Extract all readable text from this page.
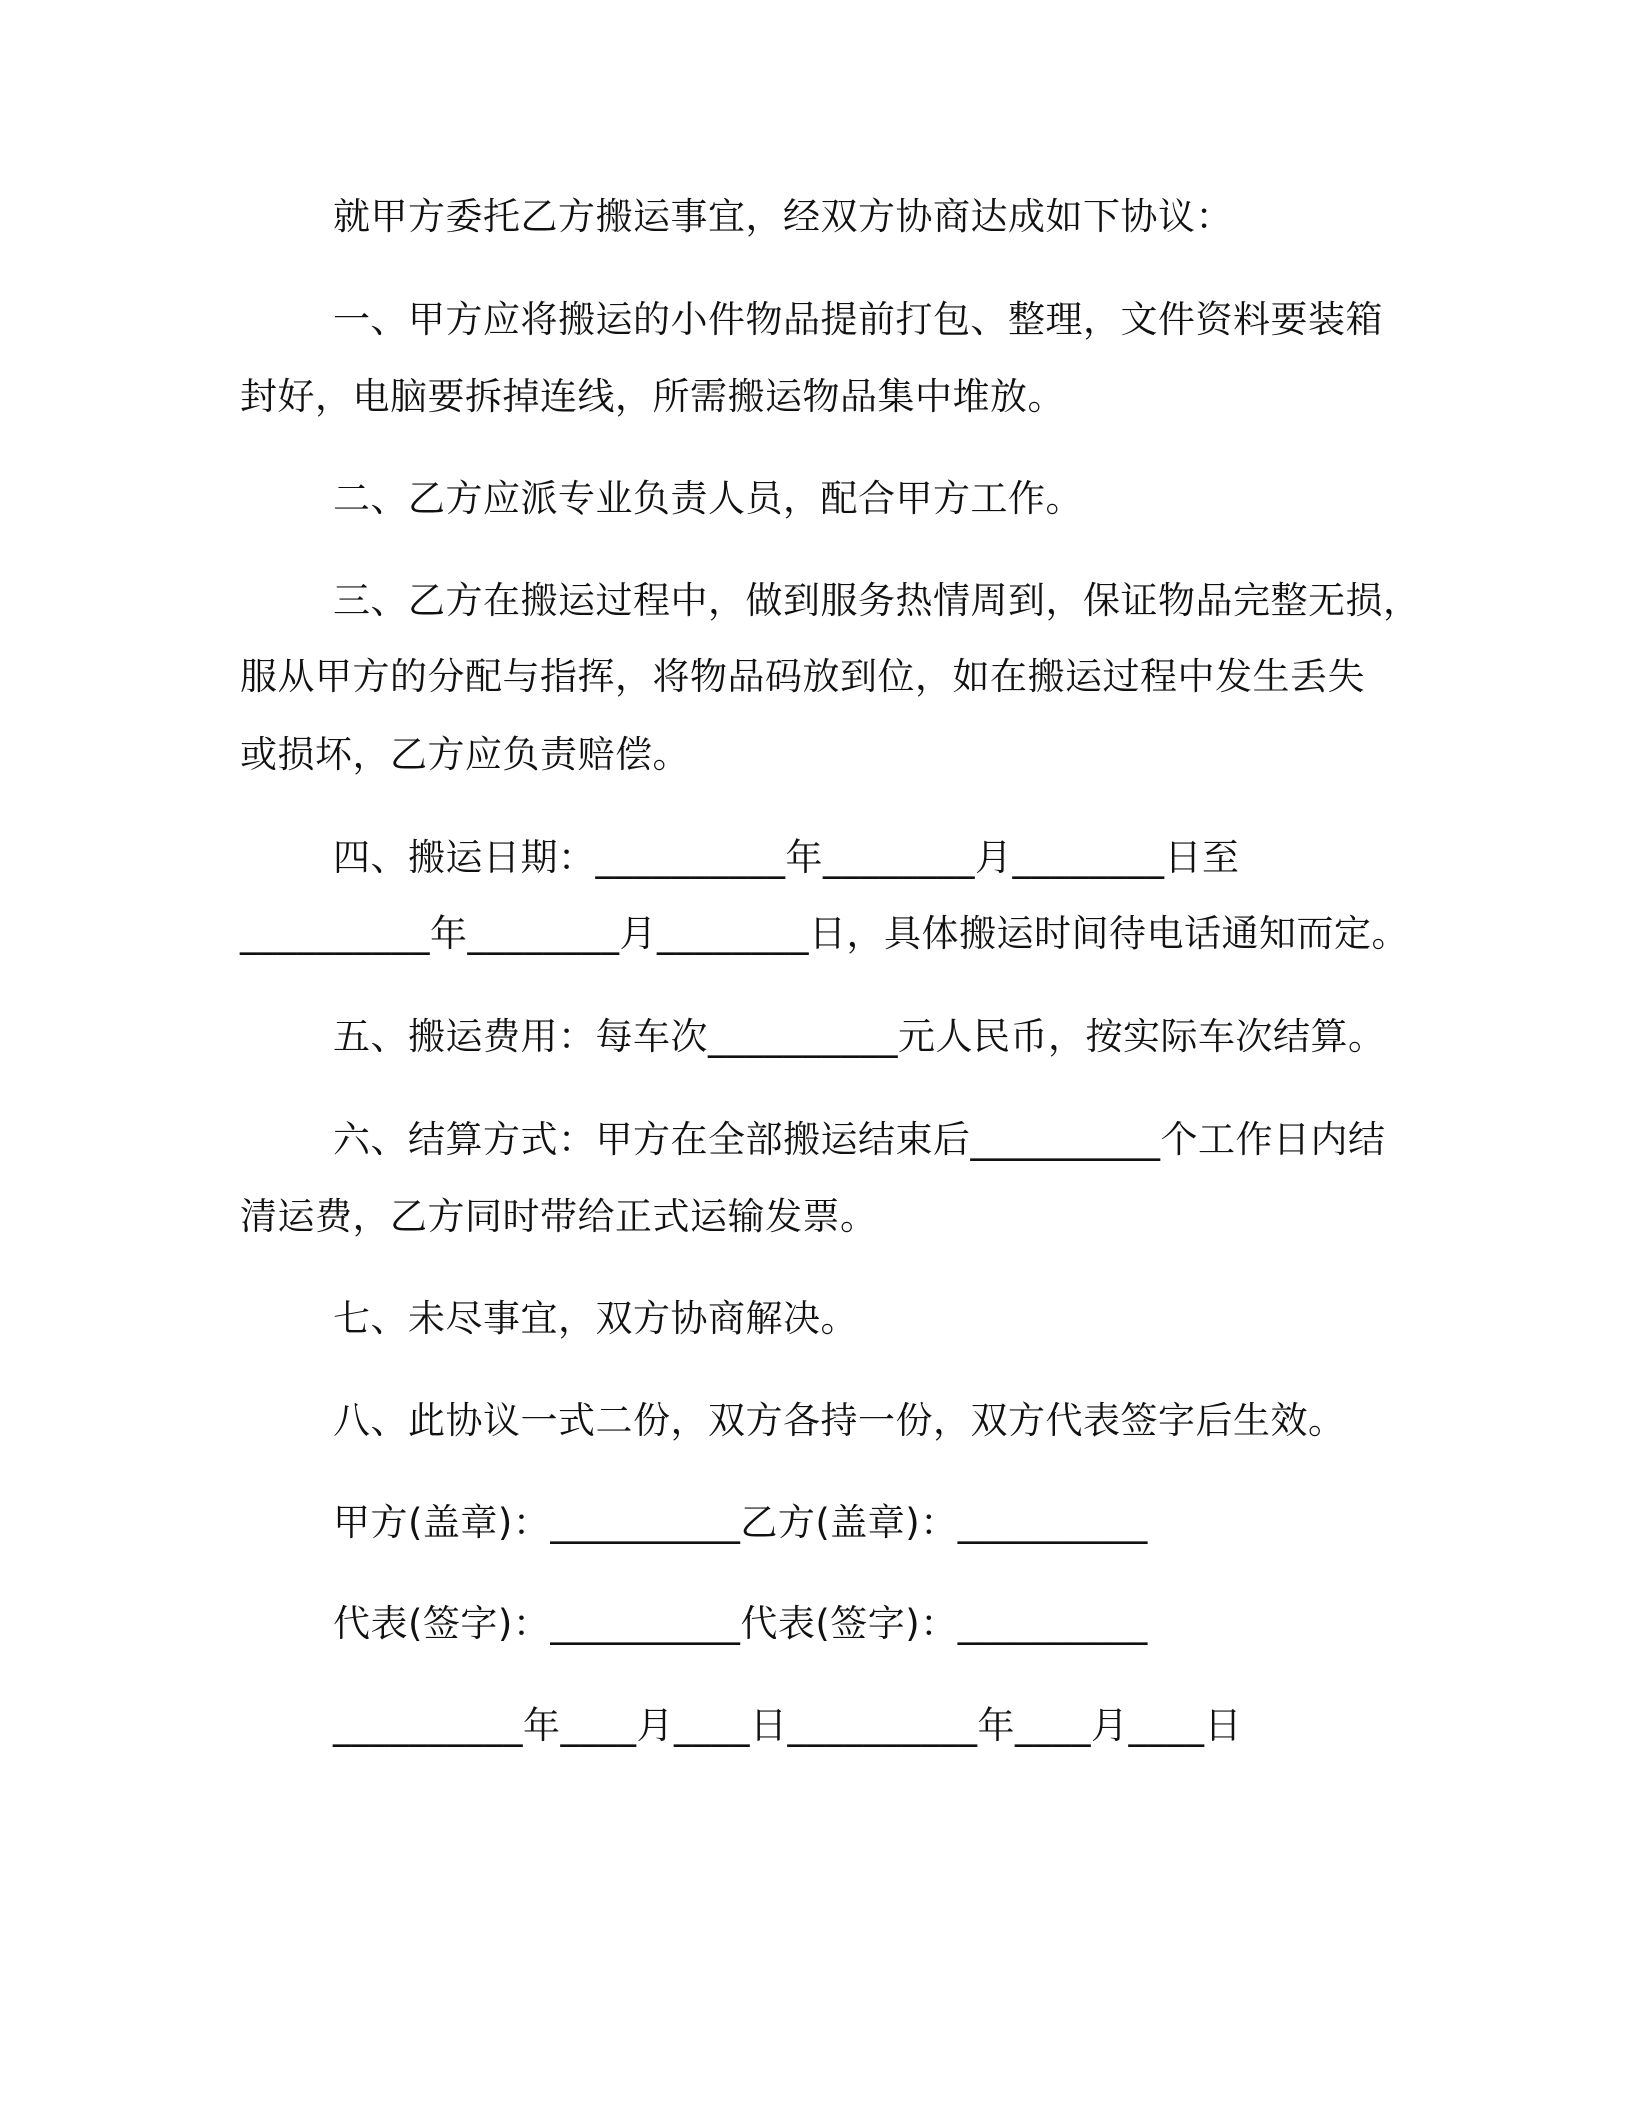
就甲方委托乙方搬运事宜，经双方协商达成如下协议：
一、甲方应将搬运的小件物品提前打包、整理，文件资料要装箱
封好，电脑要拆掉连线，所需搬运物品集中堆放。
二、乙方应派专业负责人员，配合甲方工作。
三、乙方在搬运过程中，做到服务热情周到，保证物品完整无损，
服从甲方的分配与指挥，将物品码放到位，如在搬运过程中发生丢失
或损坏，乙方应负责赔偿。
四、搬运日期：__________年________月________日至
__________年________月________日，具体搬运时间待电话通知而定。
五、搬运费用：每车次__________元人民币，按实际车次结算。
六、结算方式：甲方在全部搬运结束后__________个工作日内结
清运费，乙方同时带给正式运输发票。
七、未尽事宜，双方协商解决。
八、此协议一式二份，双方各持一份，双方代表签字后生效。
甲方(盖章)：__________乙方(盖章)：__________
代表(签字)：__________代表(签字)：__________
__________年____月____日__________年____月____日
